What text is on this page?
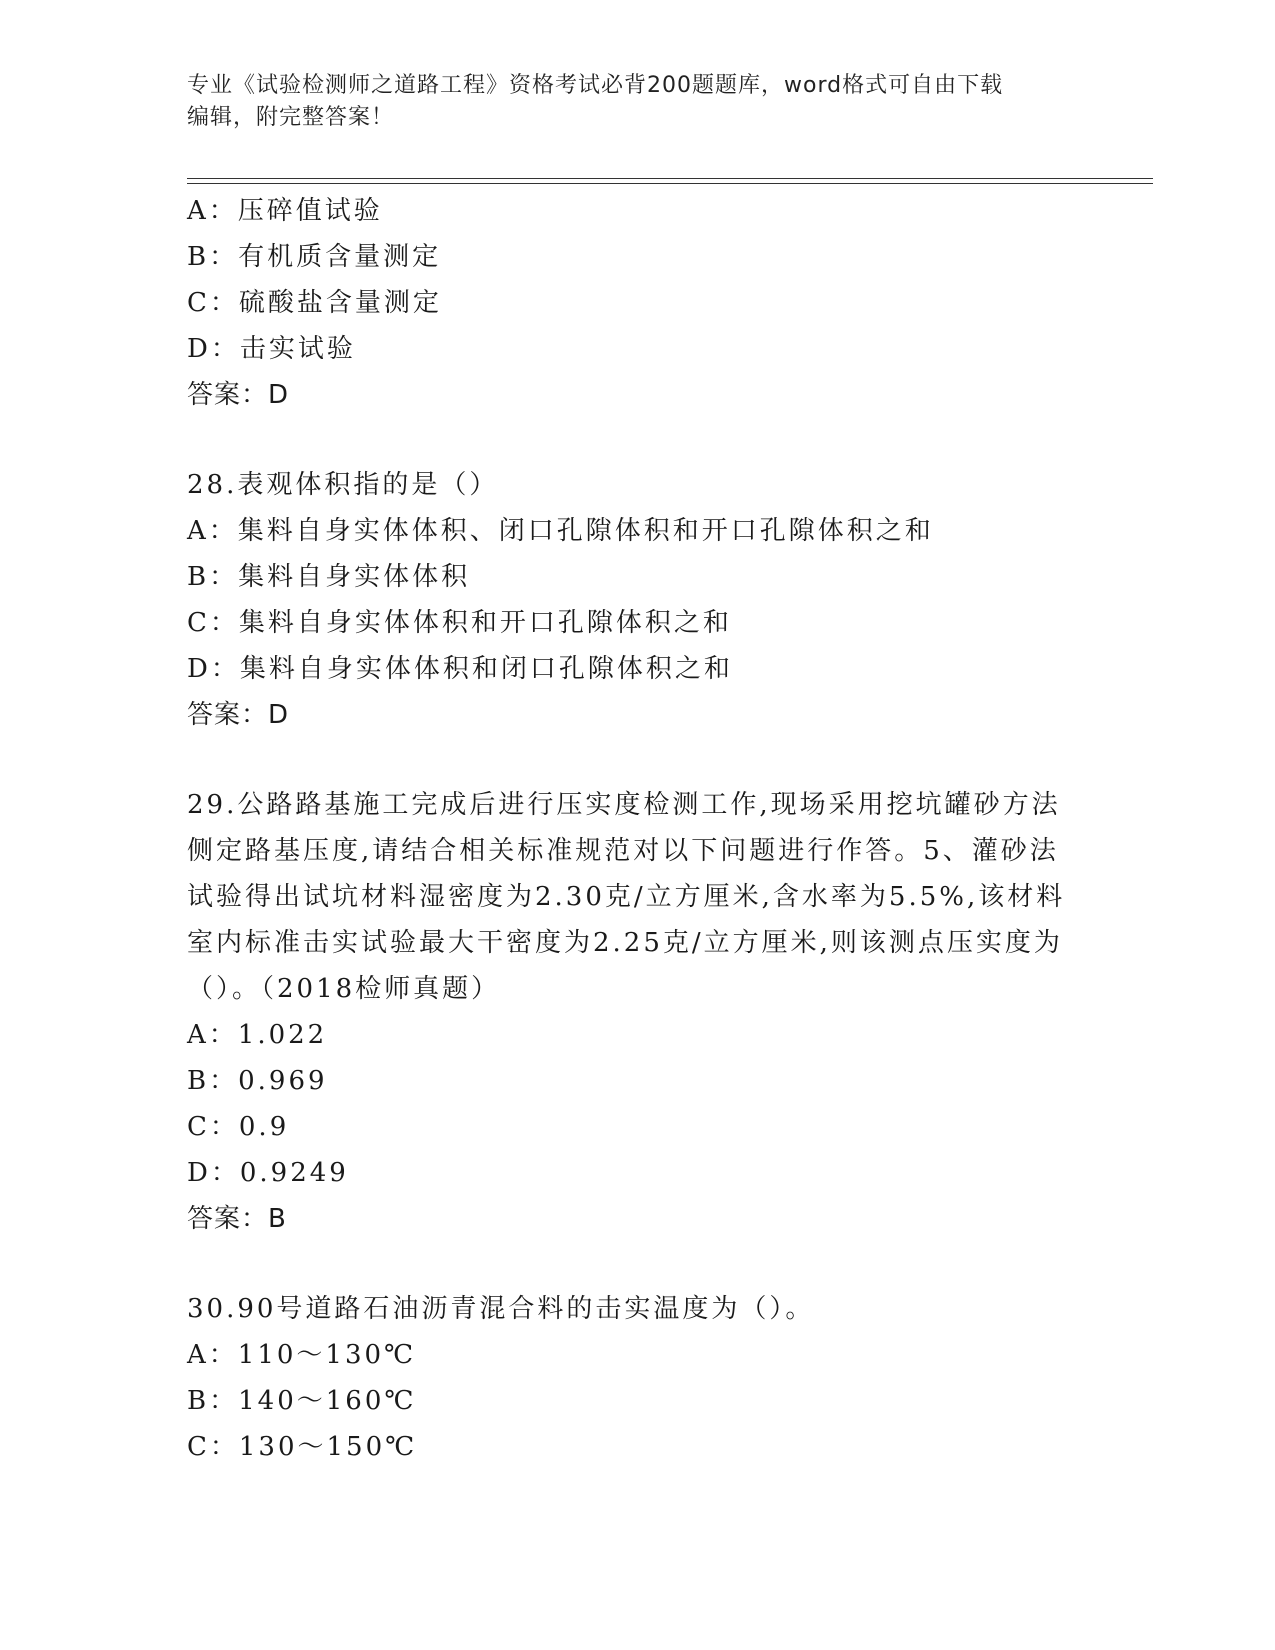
专业《试验检测师之道路工程》资格考试必背200题题库，word格式可自由下载
编辑，附完整答案！
A：压碎值试验
B：有机质含量测定
C：硫酸盐含量测定
D：击实试验
答案：D
28.表观体积指的是（）
A：集料自身实体体积、闭口孔隙体积和开口孔隙体积之和
B：集料自身实体体积
C：集料自身实体体积和开口孔隙体积之和
D：集料自身实体体积和闭口孔隙体积之和
答案：D
29.公路路基施工完成后进行压实度检测工作,现场采用挖坑罐砂方法
侧定路基压度,请结合相关标准规范对以下问题进行作答。5、灌砂法
试验得出试坑材料湿密度为2.30克/立方厘米,含水率为5.5%,该材料
室内标准击实试验最大干密度为2.25克/立方厘米,则该测点压实度为
（）。（2018检师真题）
A：1.022
B：0.969
C：0.9
D：0.9249
答案：B
30.90号道路石油沥青混合料的击实温度为（）。
A：110～130℃
B：140～160℃
C：130～150℃
